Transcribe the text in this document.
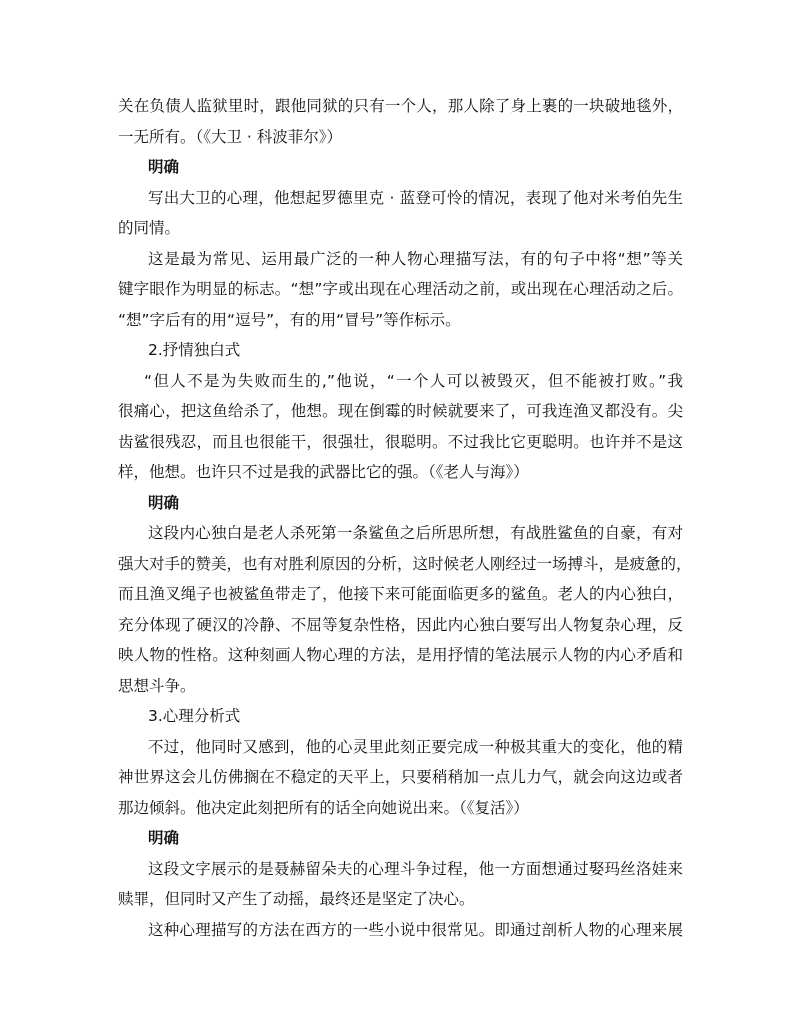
关在负债人监狱里时，跟他同狱的只有一个人，那人除了身上裹的一块破地毯外，

一无所有。（《大卫 · 科波菲尔》）

明确

写出大卫的心理，他想起罗德里克 · 蓝登可怜的情况，表现了他对米考伯先生

的同情。

这是最为常见、运用最广泛的一种人物心理描写法，有的句子中将“想”等关

键字眼作为明显的标志。“想”字或出现在心理活动之前，或出现在心理活动之后。

“想”字后有的用“逗号”，有的用“冒号”等作标示。

2.抒情独白式

“但人不是为失败而生的,”他说，“一个人可以被毁灭，但不能被打败。”我

很痛心，把这鱼给杀了，他想。现在倒霉的时候就要来了，可我连渔叉都没有。尖

齿鲨很残忍，而且也很能干，很强壮，很聪明。不过我比它更聪明。也许并不是这

样，他想。也许只不过是我的武器比它的强。（《老人与海》）

明确

这段内心独白是老人杀死第一条鲨鱼之后所思所想，有战胜鲨鱼的自豪，有对

强大对手的赞美，也有对胜利原因的分析，这时候老人刚经过一场搏斗，是疲惫的，

而且渔叉绳子也被鲨鱼带走了，他接下来可能面临更多的鲨鱼。老人的内心独白，

充分体现了硬汉的冷静、不屈等复杂性格，因此内心独白要写出人物复杂心理，反

映人物的性格。这种刻画人物心理的方法，是用抒情的笔法展示人物的内心矛盾和

思想斗争。

3.心理分析式

不过，他同时又感到，他的心灵里此刻正要完成一种极其重大的变化，他的精

神世界这会儿仿佛搁在不稳定的天平上，只要稍稍加一点儿力气，就会向这边或者

那边倾斜。他决定此刻把所有的话全向她说出来。（《复活》）

明确

这段文字展示的是聂赫留朵夫的心理斗争过程，他一方面想通过娶玛丝洛娃来

赎罪，但同时又产生了动摇，最终还是坚定了决心。

这种心理描写的方法在西方的一些小说中很常见。即通过剖析人物的心理来展
